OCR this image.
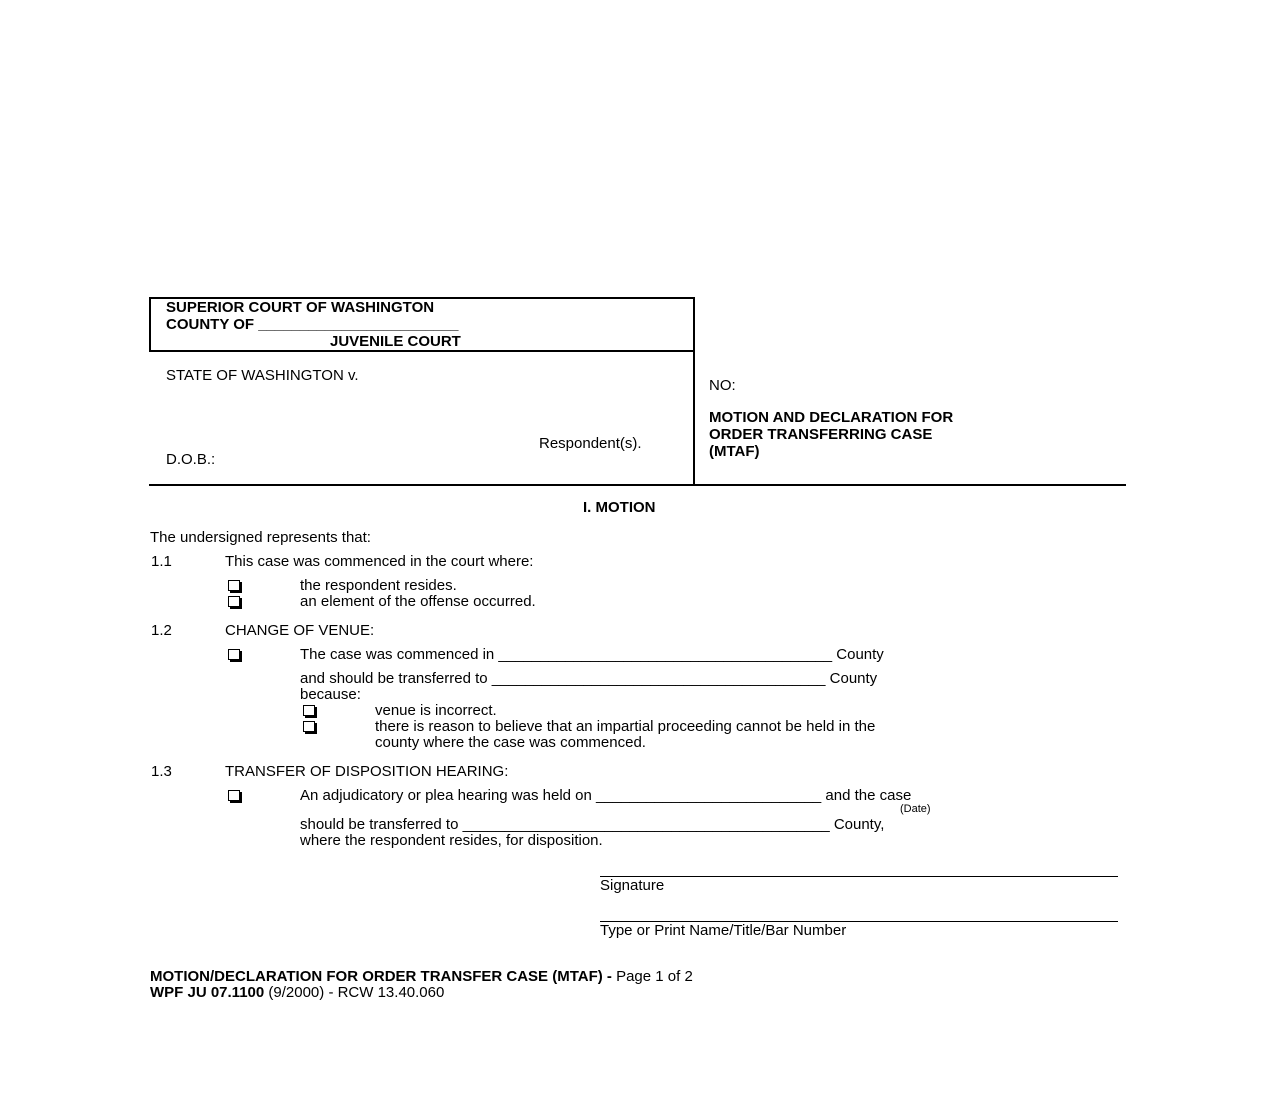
SUPERIOR COURT OF WASHINGTON
COUNTY OF ________________________
JUVENILE COURT
STATE OF WASHINGTON v.
Respondent(s).
D.O.B.:
NO:
MOTION AND DECLARATION FOR
ORDER TRANSFERRING CASE
(MTAF)
I. MOTION
The undersigned represents that:
1.1	This case was commenced in the court where:
the respondent resides.
an element of the offense occurred.
1.2	CHANGE OF VENUE:
The case was commenced in ________________________________________ County
and should be transferred to ________________________________________ County
because:
venue is incorrect.
there is reason to believe that an impartial proceeding cannot be held in the
county where the case was commenced.
1.3	TRANSFER OF DISPOSITION HEARING:
An adjudicatory or plea hearing was held on ___________________________ and the case
(Date)
should be transferred to ____________________________________________ County,
where the respondent resides, for disposition.
Signature
Type or Print Name/Title/Bar Number
MOTION/DECLARATION FOR ORDER TRANSFER CASE (MTAF) - Page 1 of 2
WPF JU 07.1100 (9/2000) - RCW 13.40.060
